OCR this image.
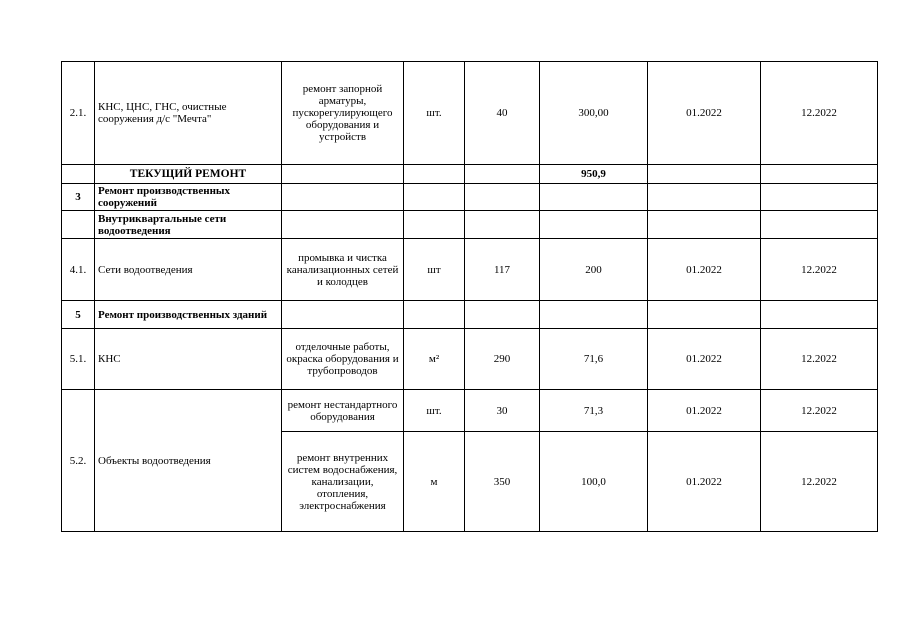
2.1.	КНС, ЦНС, ГНС, очистные сооружения д/с "Мечта"	ремонт запорной арматуры, пускорегулирующего оборудования и устройств	шт.	40	300,00	01.2022	12.2022
	ТЕКУЩИЙ РЕМОНТ				950,9		
3	Ремонт производственных сооружений						
	Внутриквартальные сети водоотведения						
4.1.	Сети водоотведения	промывка и чистка канализационных сетей и колодцев	шт	117	200	01.2022	12.2022
5	Ремонт производственных зданий						
5.1.	КНС	отделочные работы, окраска оборудования и трубопроводов	м²	290	71,6	01.2022	12.2022
5.2.	Объекты водоотведения	ремонт нестандартного оборудования	шт.	30	71,3	01.2022	12.2022
		ремонт внутренних систем водоснабжения, канализации, отопления, электроснабжения	м	350	100,0	01.2022	12.2022
